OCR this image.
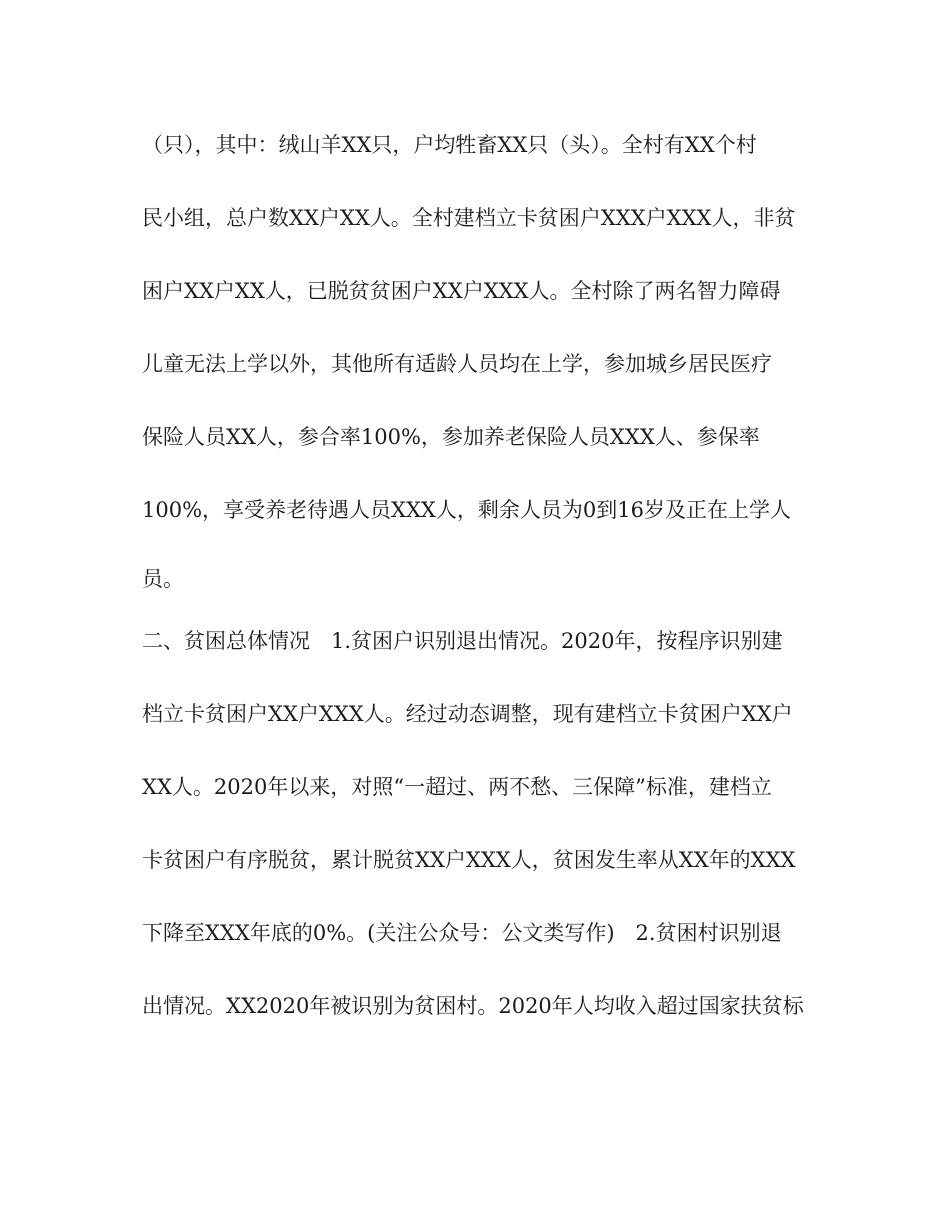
（只），其中：绒山羊XX只，户均牲畜XX只（头）。全村有XX个村
民小组，总户数XX户XX人。全村建档立卡贫困户XXX户XXX人，非贫
困户XX户XX人，已脱贫贫困户XX户XXX人。全村除了两名智力障碍
儿童无法上学以外，其他所有适龄人员均在上学，参加城乡居民医疗
保险人员XX人，参合率100%，参加养老保险人员XXX人、参保率
100%，享受养老待遇人员XXX人，剩余人员为0到16岁及正在上学人
员。
二、贫困总体情况　1.贫困户识别退出情况。2020年，按程序识别建
档立卡贫困户XX户XXX人。经过动态调整，现有建档立卡贫困户XX户
XX人。2020年以来，对照“一超过、两不愁、三保障”标准，建档立
卡贫困户有序脱贫，累计脱贫XX户XXX人，贫困发生率从XX年的XXX
下降至XXX年底的0%。(关注公众号：公文类写作)　2.贫困村识别退
出情况。XX2020年被识别为贫困村。2020年人均收入超过国家扶贫标
